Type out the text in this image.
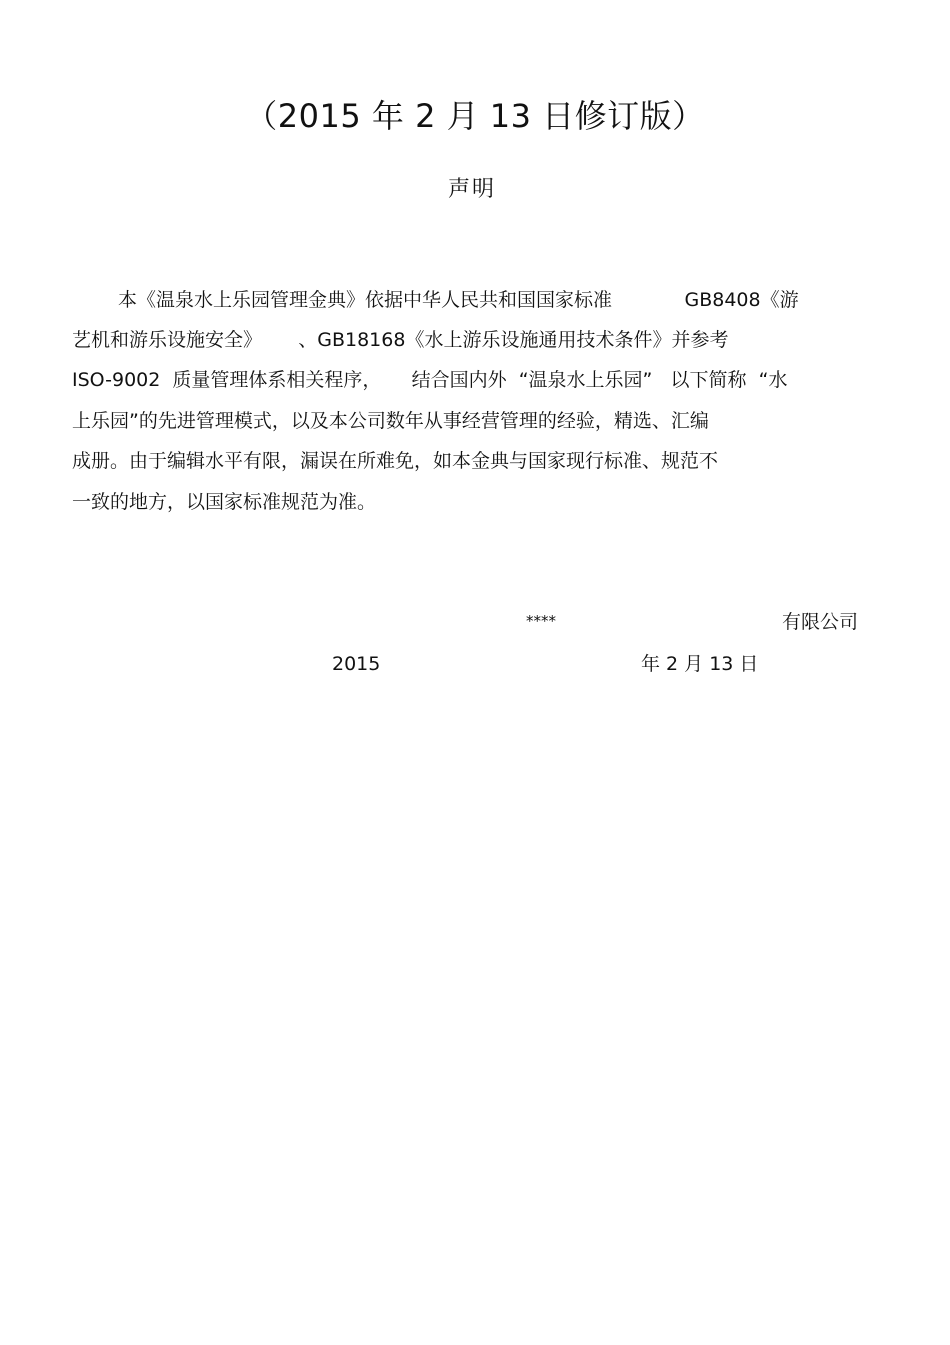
（2015 年 2 月 13 日修订版）
声明
本《温泉水上乐园管理金典》依据中华人民共和国国家标准            GB8408《游
艺机和游乐设施安全》      、GB18168《水上游乐设施通用技术条件》并参考
ISO-9002  质量管理体系相关程序，     结合国内外  “温泉水上乐园”   以下简称  “水
上乐园”的先进管理模式，以及本公司数年从事经营管理的经验，精选、汇编
成册。由于编辑水平有限，漏误在所难免，如本金典与国家现行标准、规范不
一致的地方，以国家标准规范为准。
****	有限公司
2015	年 2 月 13 日
